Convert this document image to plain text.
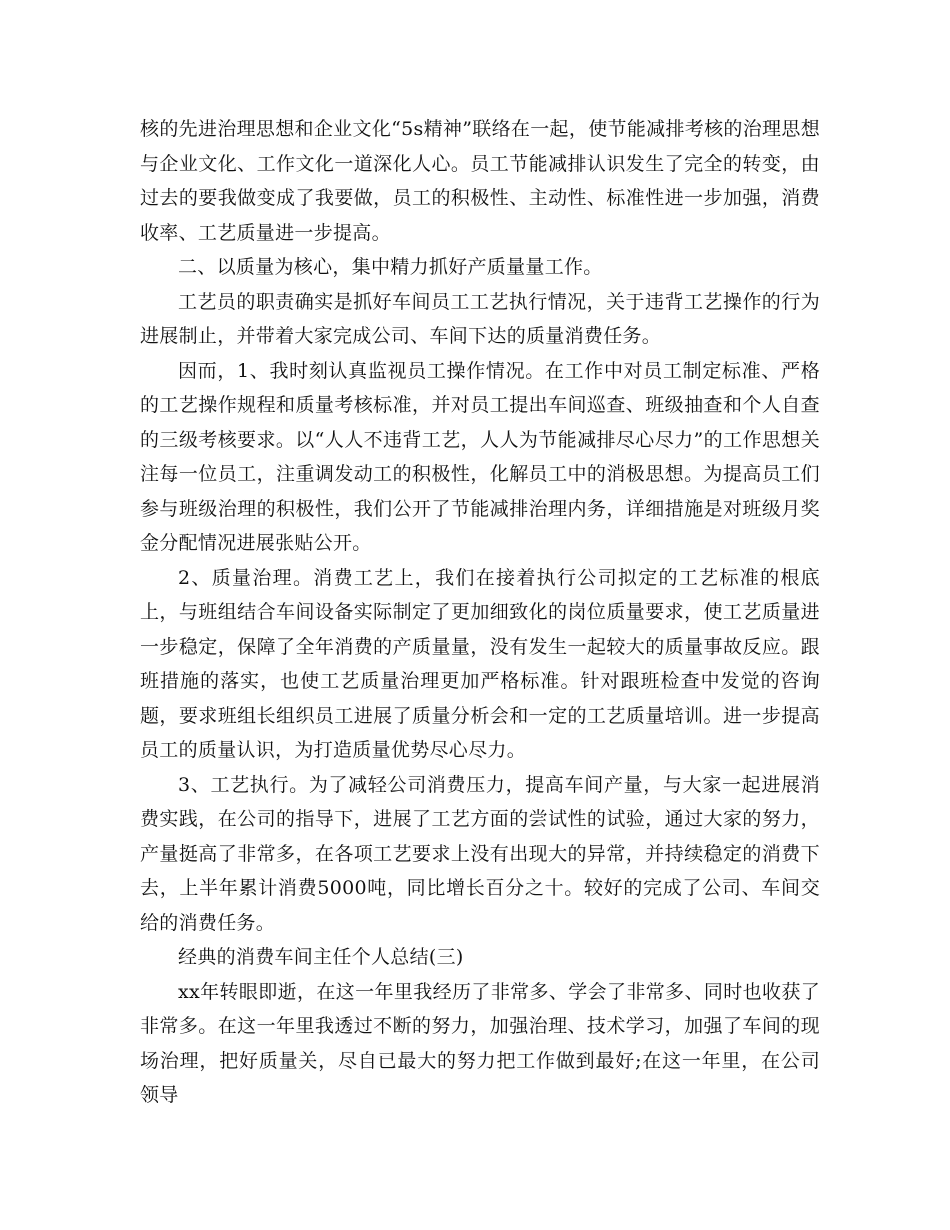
核的先进治理思想和企业文化“5s精神”联络在一起，使节能减排考核的治理思想与企业文化、工作文化一道深化人心。员工节能减排认识发生了完全的转变，由过去的要我做变成了我要做，员工的积极性、主动性、标准性进一步加强，消费收率、工艺质量进一步提高。

二、以质量为核心，集中精力抓好产质量量工作。

工艺员的职责确实是抓好车间员工工艺执行情况，关于违背工艺操作的行为进展制止，并带着大家完成公司、车间下达的质量消费任务。

因而，1、我时刻认真监视员工操作情况。在工作中对员工制定标准、严格的工艺操作规程和质量考核标准，并对员工提出车间巡查、班级抽查和个人自查的三级考核要求。以“人人不违背工艺，人人为节能减排尽心尽力”的工作思想关注每一位员工，注重调发动工的积极性，化解员工中的消极思想。为提高员工们参与班级治理的积极性，我们公开了节能减排治理内务，详细措施是对班级月奖金分配情况进展张贴公开。

2、质量治理。消费工艺上，我们在接着执行公司拟定的工艺标准的根底上，与班组结合车间设备实际制定了更加细致化的岗位质量要求，使工艺质量进一步稳定，保障了全年消费的产质量量，没有发生一起较大的质量事故反应。跟班措施的落实，也使工艺质量治理更加严格标准。针对跟班检查中发觉的咨询题，要求班组长组织员工进展了质量分析会和一定的工艺质量培训。进一步提高员工的质量认识，为打造质量优势尽心尽力。

3、工艺执行。为了减轻公司消费压力，提高车间产量，与大家一起进展消费实践，在公司的指导下，进展了工艺方面的尝试性的试验，通过大家的努力，产量挺高了非常多，在各项工艺要求上没有出现大的异常，并持续稳定的消费下去，上半年累计消费5000吨，同比增长百分之十。较好的完成了公司、车间交给的消费任务。

经典的消费车间主任个人总结(三)

xx年转眼即逝，在这一年里我经历了非常多、学会了非常多、同时也收获了非常多。在这一年里我透过不断的努力，加强治理、技术学习，加强了车间的现场治理，把好质量关，尽自已最大的努力把工作做到最好;在这一年里，在公司领导
